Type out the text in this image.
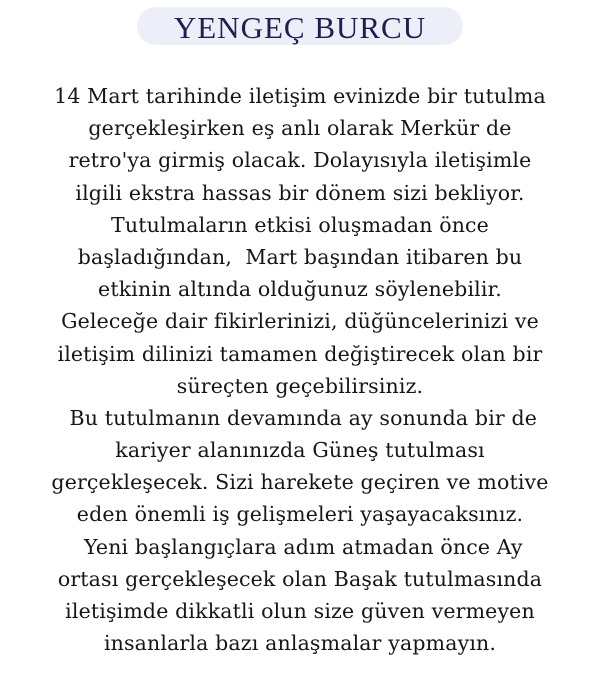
YENGEÇ BURCU
14 Mart tarihinde iletişim evinizde bir tutulma
gerçekleşirken eş anlı olarak Merkür de
retro'ya girmiş olacak. Dolayısıyla iletişimle
ilgili ekstra hassas bir dönem sizi bekliyor.
Tutulmaların etkisi oluşmadan önce
başladığından,  Mart başından itibaren bu
etkinin altında olduğunuz söylenebilir.
Geleceğe dair fikirlerinizi, düğüncelerinizi ve
iletişim dilinizi tamamen değiştirecek olan bir
süreçten geçebilirsiniz.
Bu tutulmanın devamında ay sonunda bir de
kariyer alanınızda Güneş tutulması
gerçekleşecek. Sizi harekete geçiren ve motive
eden önemli iş gelişmeleri yaşayacaksınız.
Yeni başlangıçlara adım atmadan önce Ay
ortası gerçekleşecek olan Başak tutulmasında
iletişimde dikkatli olun size güven vermeyen
insanlarla bazı anlaşmalar yapmayın.
